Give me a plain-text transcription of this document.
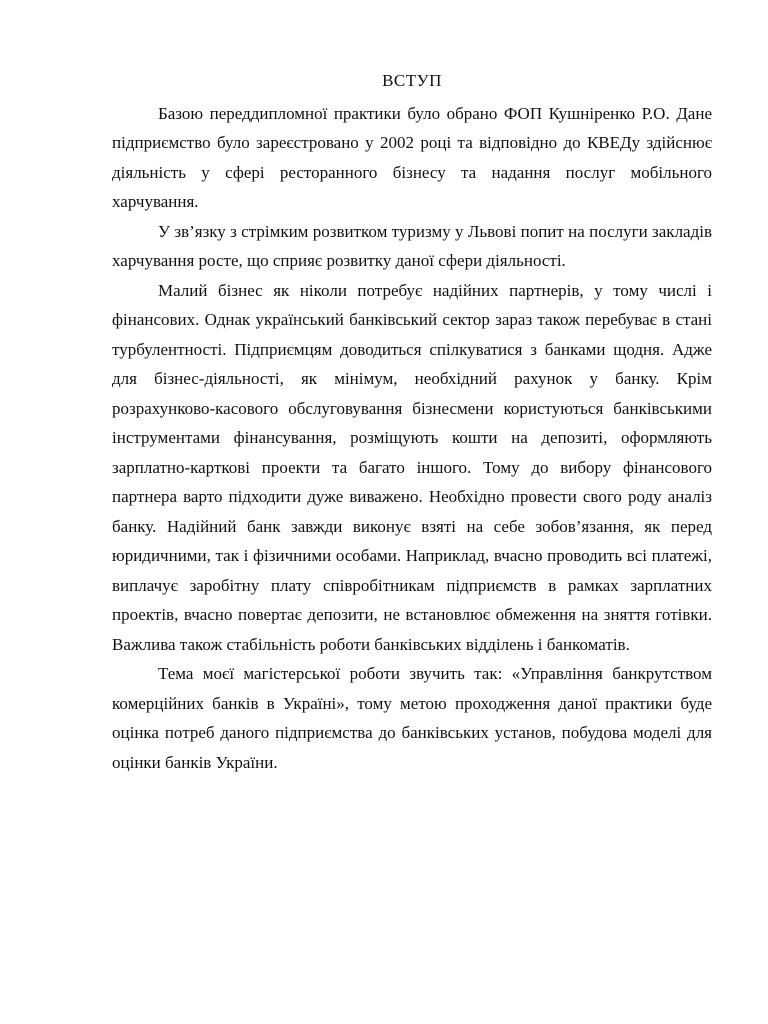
ВСТУП

Базою переддипломної практики було обрано ФОП Кушніренко Р.О. Дане підприємство було зареєстровано у 2002 році та відповідно до КВЕДу здійснює діяльність у сфері ресторанного бізнесу та надання послуг мобільного харчування.

У зв’язку з стрімким розвитком туризму у Львові попит на послуги закладів харчування росте, що сприяє розвитку даної сфери діяльності.

Малий бізнес як ніколи потребує надійних партнерів, у тому числі і фінансових. Однак український банківський сектор зараз також перебуває в стані турбулентності. Підприємцям доводиться спілкуватися з банками щодня. Адже для бізнес-діяльності, як мінімум, необхідний рахунок у банку. Крім розрахунково-касового обслуговування бізнесмени користуються банківськими інструментами фінансування, розміщують кошти на депозиті, оформляють зарплатно-карткові проекти та багато іншого. Тому до вибору фінансового партнера варто підходити дуже виважено. Необхідно провести свого роду аналіз банку. Надійний банк завжди виконує взяті на себе зобов’язання, як перед юридичними, так і фізичними особами. Наприклад, вчасно проводить всі платежі, виплачує заробітну плату співробітникам підприємств в рамках зарплатних проектів, вчасно повертає депозити, не встановлює обмеження на зняття готівки. Важлива також стабільність роботи банківських відділень і банкоматів.

Тема моєї магістерської роботи звучить так: «Управління банкрутством комерційних банків в Україні», тому метою проходження даної практики буде оцінка потреб даного підприємства до банківських установ, побудова моделі для оцінки банків України.
